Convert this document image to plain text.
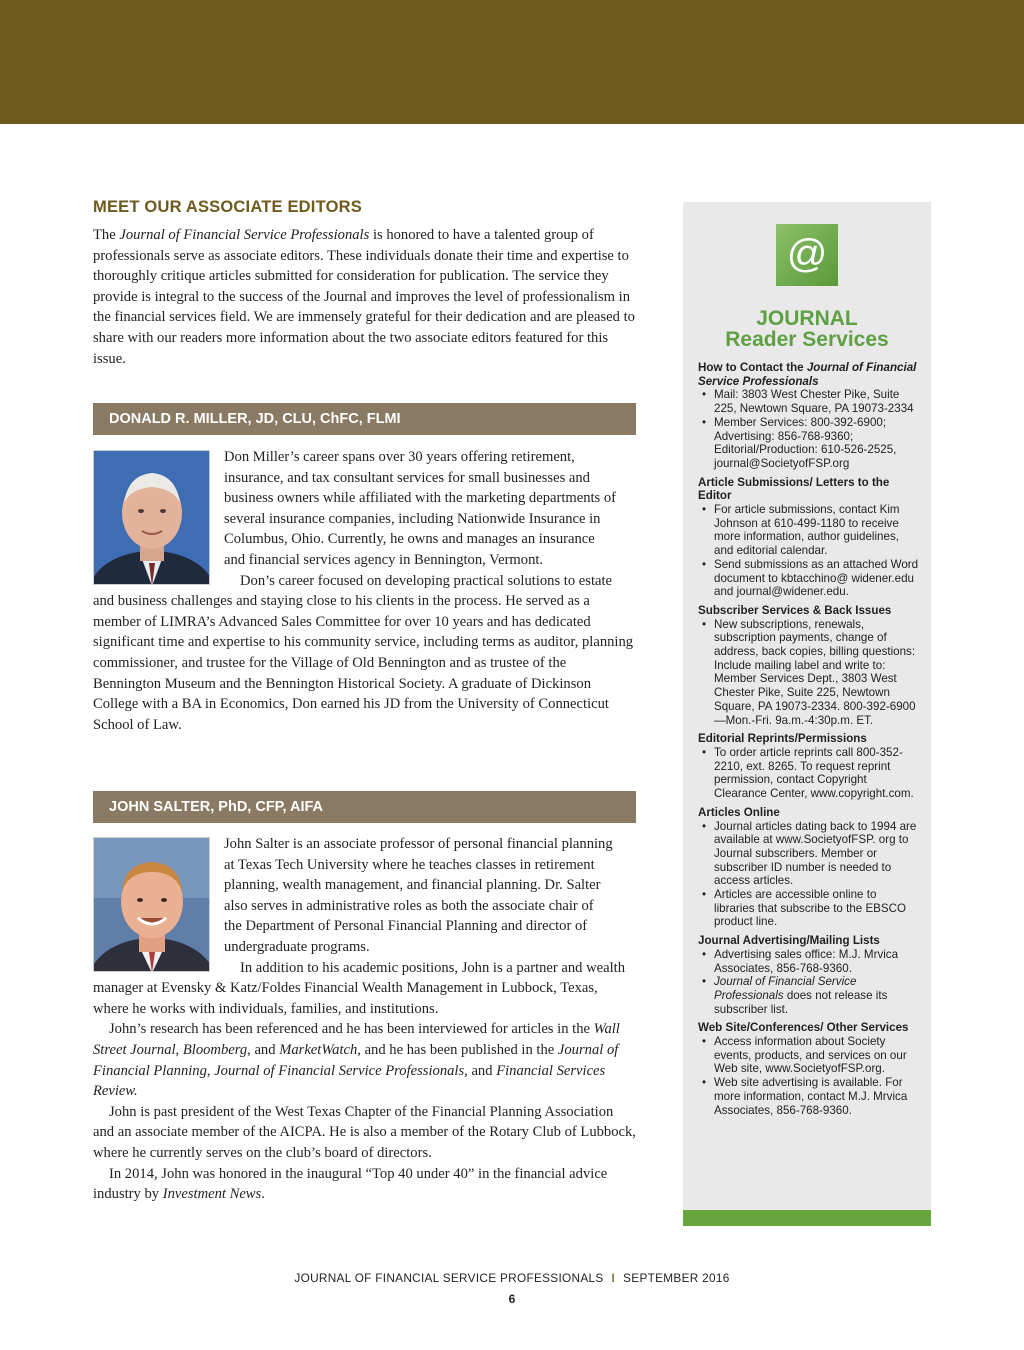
MEET OUR ASSOCIATE EDITORS
The Journal of Financial Service Professionals is honored to have a talented group of professionals serve as associate editors. These individuals donate their time and expertise to thoroughly critique articles submitted for consideration for publication. The service they provide is integral to the success of the Journal and improves the level of professionalism in the financial services field. We are immensely grateful for their dedication and are pleased to share with our readers more information about the two associate editors featured for this issue.
DONALD R. MILLER, JD, CLU, ChFC, FLMI
Don Miller’s career spans over 30 years offering retirement,
insurance, and tax consultant services for small businesses and
business owners while affiliated with the marketing departments of
several insurance companies, including Nationwide Insurance in
Columbus, Ohio. Currently, he owns and manages an insurance
and financial services agency in Bennington, Vermont.
Don’s career focused on developing practical solutions to estate

and business challenges and staying close to his clients in the process. He served as a member of LIMRA’s Advanced Sales Committee for over 10 years and has dedicated significant time and expertise to his community service, including terms as auditor, planning commissioner, and trustee for the Village of Old Bennington and as trustee of the Bennington Museum and the Bennington Historical Society. A graduate of Dickinson College with a BA in Economics, Don earned his JD from the University of Connecticut School of Law.

JOHN SALTER, PhD, CFP, AIFA
John Salter is an associate professor of personal financial planning
at Texas Tech University where he teaches classes in retirement
planning, wealth management, and financial planning. Dr. Salter
also serves in administrative roles as both the associate chair of
the Department of Personal Financial Planning and director of
undergraduate programs.
In addition to his academic positions, John is a partner and wealth

manager at Evensky & Katz/Foldes Financial Wealth Management in Lubbock, Texas, where he works with individuals, families, and institutions.

John’s research has been referenced and he has been interviewed for articles in the Wall Street Journal, Bloomberg, and MarketWatch, and he has been published in the Journal of Financial Planning, Journal of Financial Service Professionals, and Financial Services Review.

John is past president of the West Texas Chapter of the Financial Planning Association and an associate member of the AICPA. He is also a member of the Rotary Club of Lubbock, where he currently serves on the club’s board of directors.

In 2014, John was honored in the inaugural “Top 40 under 40” in the financial advice industry by Investment News.

@
JOURNAL
Reader Services
How to Contact the Journal of Financial Service Professionals
• Mail: 3803 West Chester Pike, Suite 225, Newtown Square, PA 19073-2334
• Member Services: 800-392-6900; Advertising: 856-768-9360; Editorial/Production: 610-526-2525, journal@SocietyofFSP.org
Article Submissions/ Letters to the Editor
• For article submissions, contact Kim Johnson at 610-499-1180 to receive more information, author guidelines, and editorial calendar.
• Send submissions as an attached Word document to kbtacchino@ widener.edu and journal@widener.edu.
Subscriber Services & Back Issues
• New subscriptions, renewals, subscription payments, change of address, back copies, billing questions: Include mailing label and write to: Member Services Dept., 3803 West Chester Pike, Suite 225, Newtown Square, PA 19073-2334. 800-392-6900—Mon.-Fri. 9a.m.-4:30p.m. ET.
Editorial Reprints/Permissions
• To order article reprints call 800-352-2210, ext. 8265. To request reprint permission, contact Copyright Clearance Center, www.copyright.com.
Articles Online
• Journal articles dating back to 1994 are available at www.SocietyofFSP. org to Journal subscribers. Member or subscriber ID number is needed to access articles.
• Articles are accessible online to libraries that subscribe to the EBSCO product line.
Journal Advertising/Mailing Lists
• Advertising sales office: M.J. Mrvica Associates, 856-768-9360.
• Journal of Financial Service Professionals does not release its subscriber list.
Web Site/Conferences/ Other Services
• Access information about Society events, products, and services on our Web site, www.SocietyofFSP.org.
• Web site advertising is available. For more information, contact M.J. Mrvica Associates, 856-768-9360.
JOURNAL OF FINANCIAL SERVICE PROFESSIONALS I SEPTEMBER 2016
6
